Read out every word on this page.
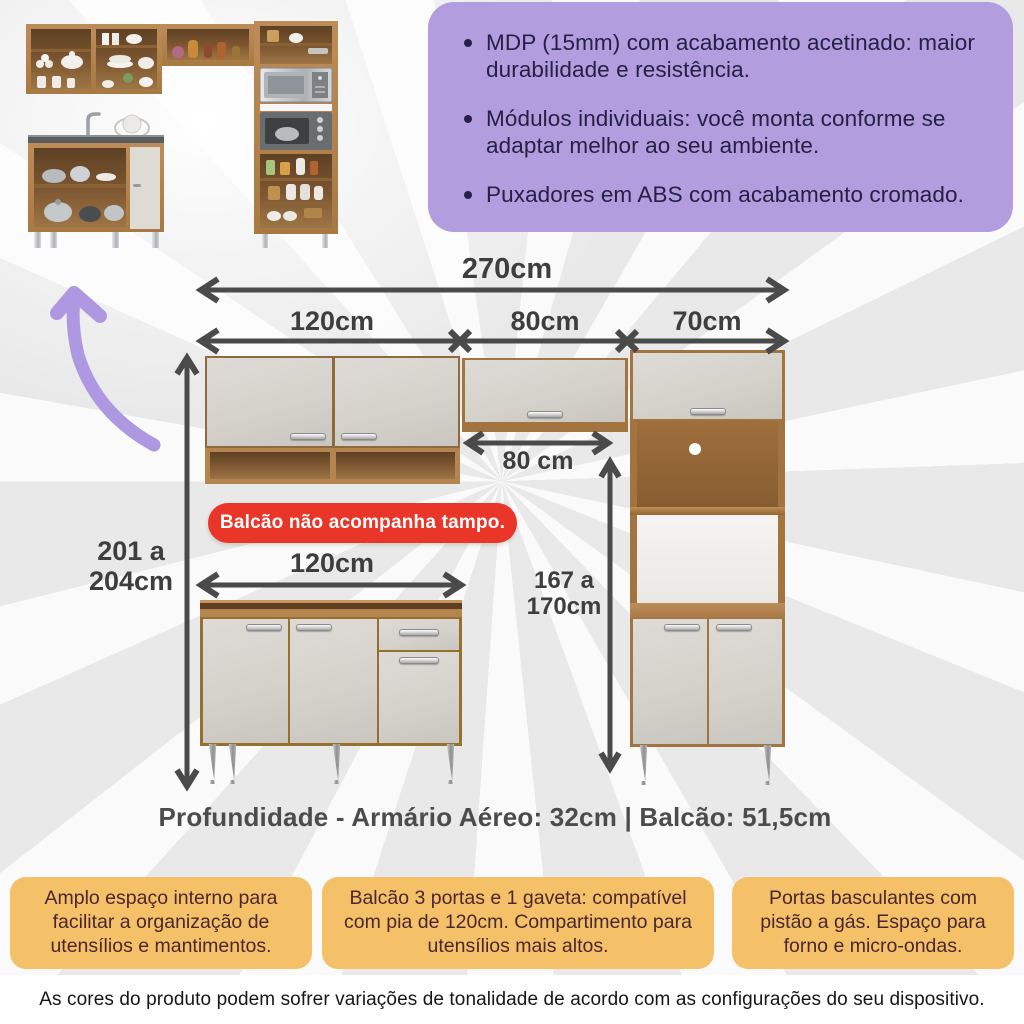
MDP (15mm) com acabamento acetinado: maior durabilidade e resistência.
Módulos individuais: você monta conforme se adaptar melhor ao seu ambiente.
Puxadores em ABS com acabamento cromado.
270cm
120cm	80cm	70cm
80 cm
201 a
204cm	167 a
170cm
120cm
Balcão não acompanha tampo.
Profundidade - Armário Aéreo: 32cm | Balcão: 51,5cm
Amplo espaço interno para facilitar a organização de utensílios e mantimentos.
Balcão 3 portas e 1 gaveta: compatível com pia de 120cm. Compartimento para utensílios mais altos.
Portas basculantes com pistão a gás. Espaço para forno e micro-ondas.
As cores do produto podem sofrer variações de tonalidade de acordo com as configurações do seu dispositivo.
